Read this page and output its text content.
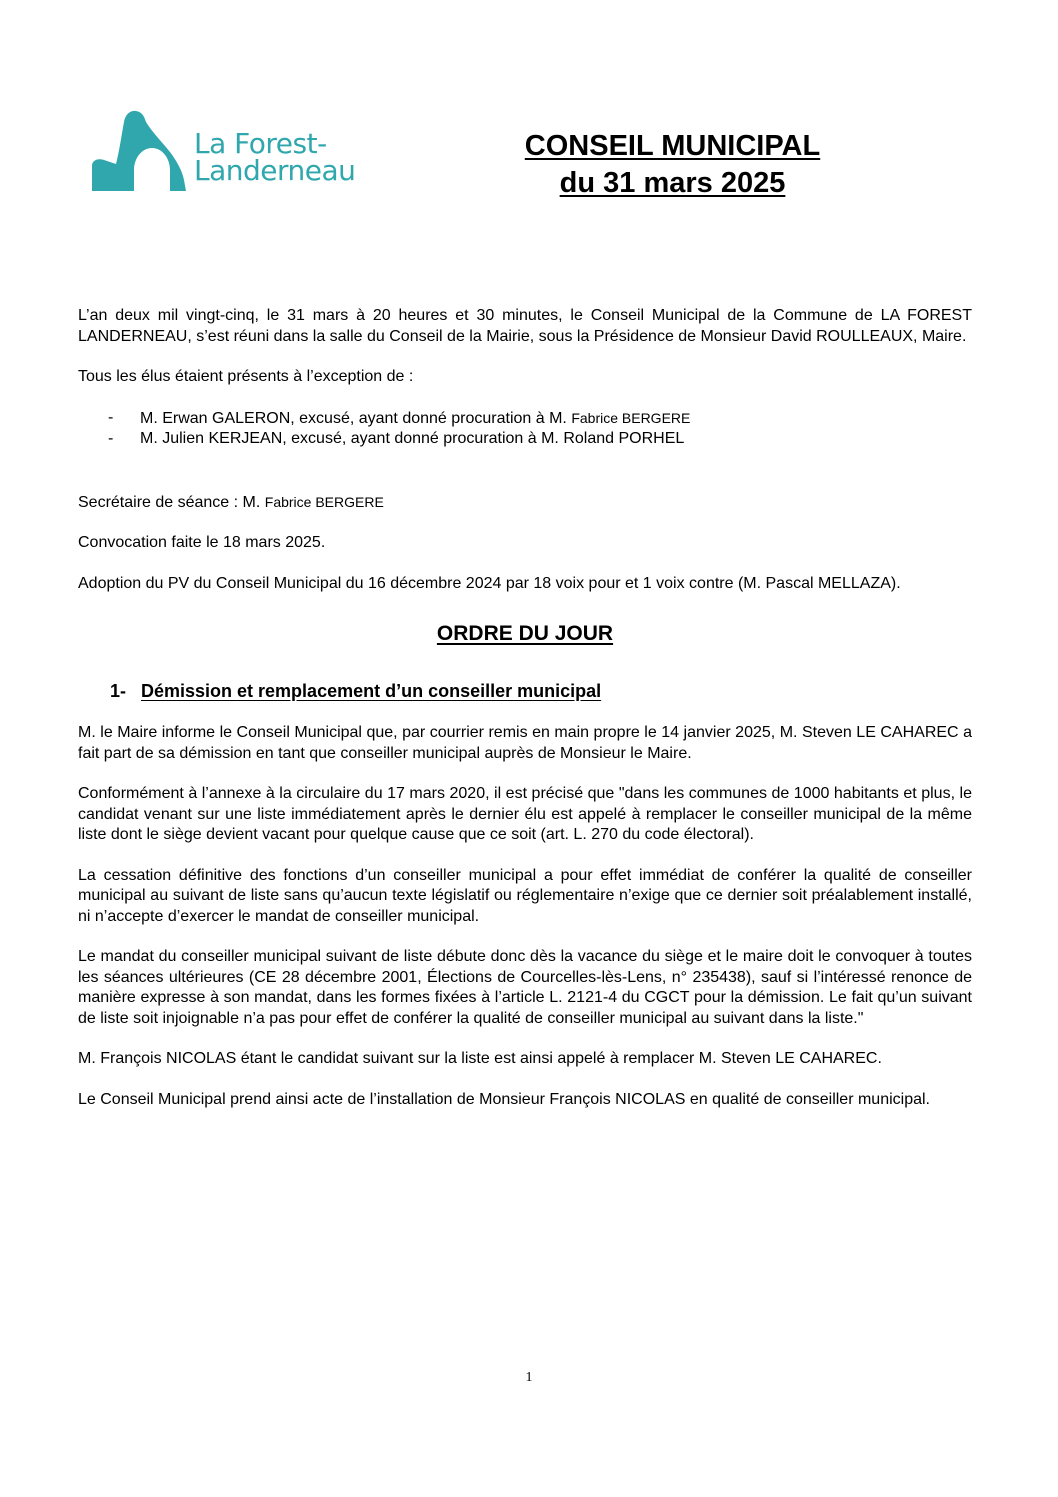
La Forest-
Landerneau
CONSEIL MUNICIPAL
du 31 mars 2025

L’an deux mil vingt-cinq, le 31 mars à 20 heures et 30 minutes, le Conseil Municipal de la Commune de LA FOREST LANDERNEAU, s’est réuni dans la salle du Conseil de la Mairie, sous la Présidence de Monsieur David ROULLEAUX, Maire.

Tous les élus étaient présents à l’exception de :

- M. Erwan GALERON, excusé, ayant donné procuration à M. Fabrice BERGERE
- M. Julien KERJEAN, excusé, ayant donné procuration à M. Roland PORHEL

Secrétaire de séance : M. Fabrice BERGERE

Convocation faite le 18 mars 2025.

Adoption du PV du Conseil Municipal du 16 décembre 2024 par 18 voix pour et 1 voix contre (M. Pascal MELLAZA).

ORDRE DU JOUR
1- Démission et remplacement d’un conseiller municipal

M. le Maire informe le Conseil Municipal que, par courrier remis en main propre le 14 janvier 2025, M. Steven LE CAHAREC a fait part de sa démission en tant que conseiller municipal auprès de Monsieur le Maire.

Conformément à l’annexe à la circulaire du 17 mars 2020, il est précisé que "dans les communes de 1000 habitants et plus, le candidat venant sur une liste immédiatement après le dernier élu est appelé à remplacer le conseiller municipal de la même liste dont le siège devient vacant pour quelque cause que ce soit (art. L. 270 du code électoral).

La cessation définitive des fonctions d’un conseiller municipal a pour effet immédiat de conférer la qualité de conseiller municipal au suivant de liste sans qu’aucun texte législatif ou réglementaire n’exige que ce dernier soit préalablement installé, ni n’accepte d’exercer le mandat de conseiller municipal.

Le mandat du conseiller municipal suivant de liste débute donc dès la vacance du siège et le maire doit le convoquer à toutes les séances ultérieures (CE 28 décembre 2001, Élections de Courcelles-lès-Lens, n° 235438), sauf si l’intéressé renonce de manière expresse à son mandat, dans les formes fixées à l’article L. 2121-4 du CGCT pour la démission. Le fait qu’un suivant de liste soit injoignable n’a pas pour effet de conférer la qualité de conseiller municipal au suivant dans la liste."

M. François NICOLAS étant le candidat suivant sur la liste est ainsi appelé à remplacer M. Steven LE CAHAREC.

Le Conseil Municipal prend ainsi acte de l’installation de Monsieur François NICOLAS en qualité de conseiller municipal.

1
